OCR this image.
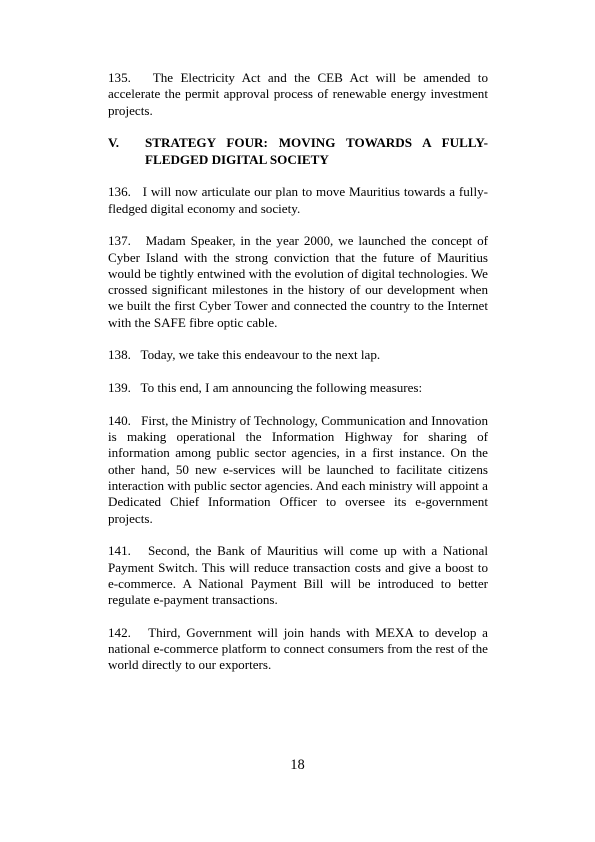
135. The Electricity Act and the CEB Act will be amended to accelerate the permit approval process of renewable energy investment projects.

V.	STRATEGY FOUR: MOVING TOWARDS A FULLY-FLEDGED DIGITAL SOCIETY

136. I will now articulate our plan to move Mauritius towards a fully-fledged digital economy and society.

137. Madam Speaker, in the year 2000, we launched the concept of Cyber Island with the strong conviction that the future of Mauritius would be tightly entwined with the evolution of digital technologies. We crossed significant milestones in the history of our development when we built the first Cyber Tower and connected the country to the Internet with the SAFE fibre optic cable.

138. Today, we take this endeavour to the next lap.

139. To this end, I am announcing the following measures:

140. First, the Ministry of Technology, Communication and Innovation is making operational the Information Highway for sharing of information among public sector agencies, in a first instance. On the other hand, 50 new e-services will be launched to facilitate citizens interaction with public sector agencies. And each ministry will appoint a Dedicated Chief Information Officer to oversee its e-government projects.

141. Second, the Bank of Mauritius will come up with a National Payment Switch. This will reduce transaction costs and give a boost to e-commerce. A National Payment Bill will be introduced to better regulate e-payment transactions.

142. Third, Government will join hands with MEXA to develop a national e-commerce platform to connect consumers from the rest of the world directly to our exporters.

18
